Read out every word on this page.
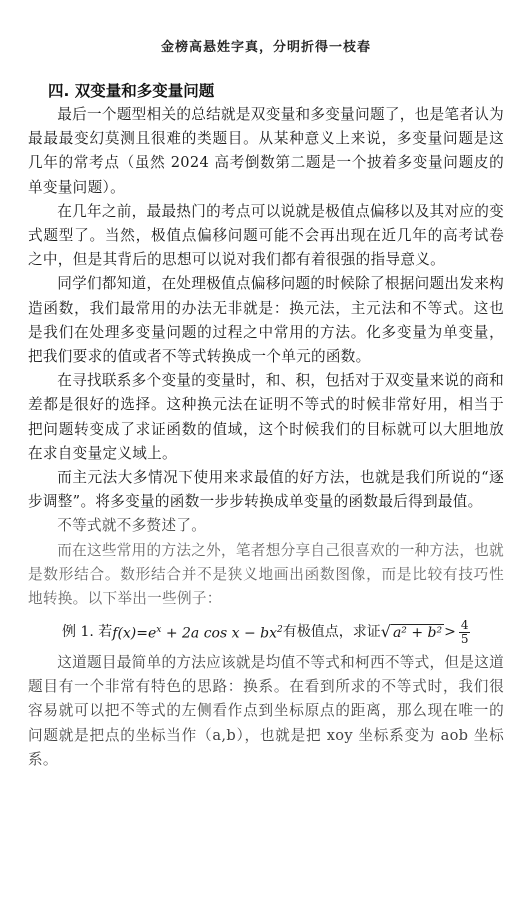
金榜高悬姓字真，分明折得一枝春
四. 双变量和多变量问题

最后一个题型相关的总结就是双变量和多变量问题了，也是笔者认为最最最变幻莫测且很难的类题目。从某种意义上来说，多变量问题是这几年的常考点（虽然 2024 高考倒数第二题是一个披着多变量问题皮的单变量问题）。

在几年之前，最最热门的考点可以说就是极值点偏移以及其对应的变式题型了。当然，极值点偏移问题可能不会再出现在近几年的高考试卷之中，但是其背后的思想可以说对我们都有着很强的指导意义。

同学们都知道，在处理极值点偏移问题的时候除了根据问题出发来构造函数，我们最常用的办法无非就是：换元法，主元法和不等式。这也是我们在处理多变量问题的过程之中常用的方法。化多变量为单变量，把我们要求的值或者不等式转换成一个单元的函数。

在寻找联系多个变量的变量时，和、积，包括对于双变量来说的商和差都是很好的选择。这种换元法在证明不等式的时候非常好用，相当于把问题转变成了求证函数的值域，这个时候我们的目标就可以大胆地放在求自变量定义域上。

而主元法大多情况下使用来求最值的好方法，也就是我们所说的“逐步调整”。将多变量的函数一步步转换成单变量的函数最后得到最值。

不等式就不多赘述了。

而在这些常用的方法之外，笔者想分享自己很喜欢的一种方法，也就是数形结合。数形结合并不是狭义地画出函数图像，而是比较有技巧性地转换。以下举出一些例子：

例 1. 若 $f(x)=e^x + 2a$ $\cos x - bx^2$ 有极值点，求证 √ $a^2 + b^2 > \frac{4}{5}$

这道题目最简单的方法应该就是均值不等式和柯西不等式，但是这道题目有一个非常有特色的思路：换系。在看到所求的不等式时，我们很容易就可以把不等式的左侧看作点到坐标原点的距离，那么现在唯一的问题就是把点的坐标当作（a,b），也就是把 xoy 坐标系变为 aob 坐标系。
